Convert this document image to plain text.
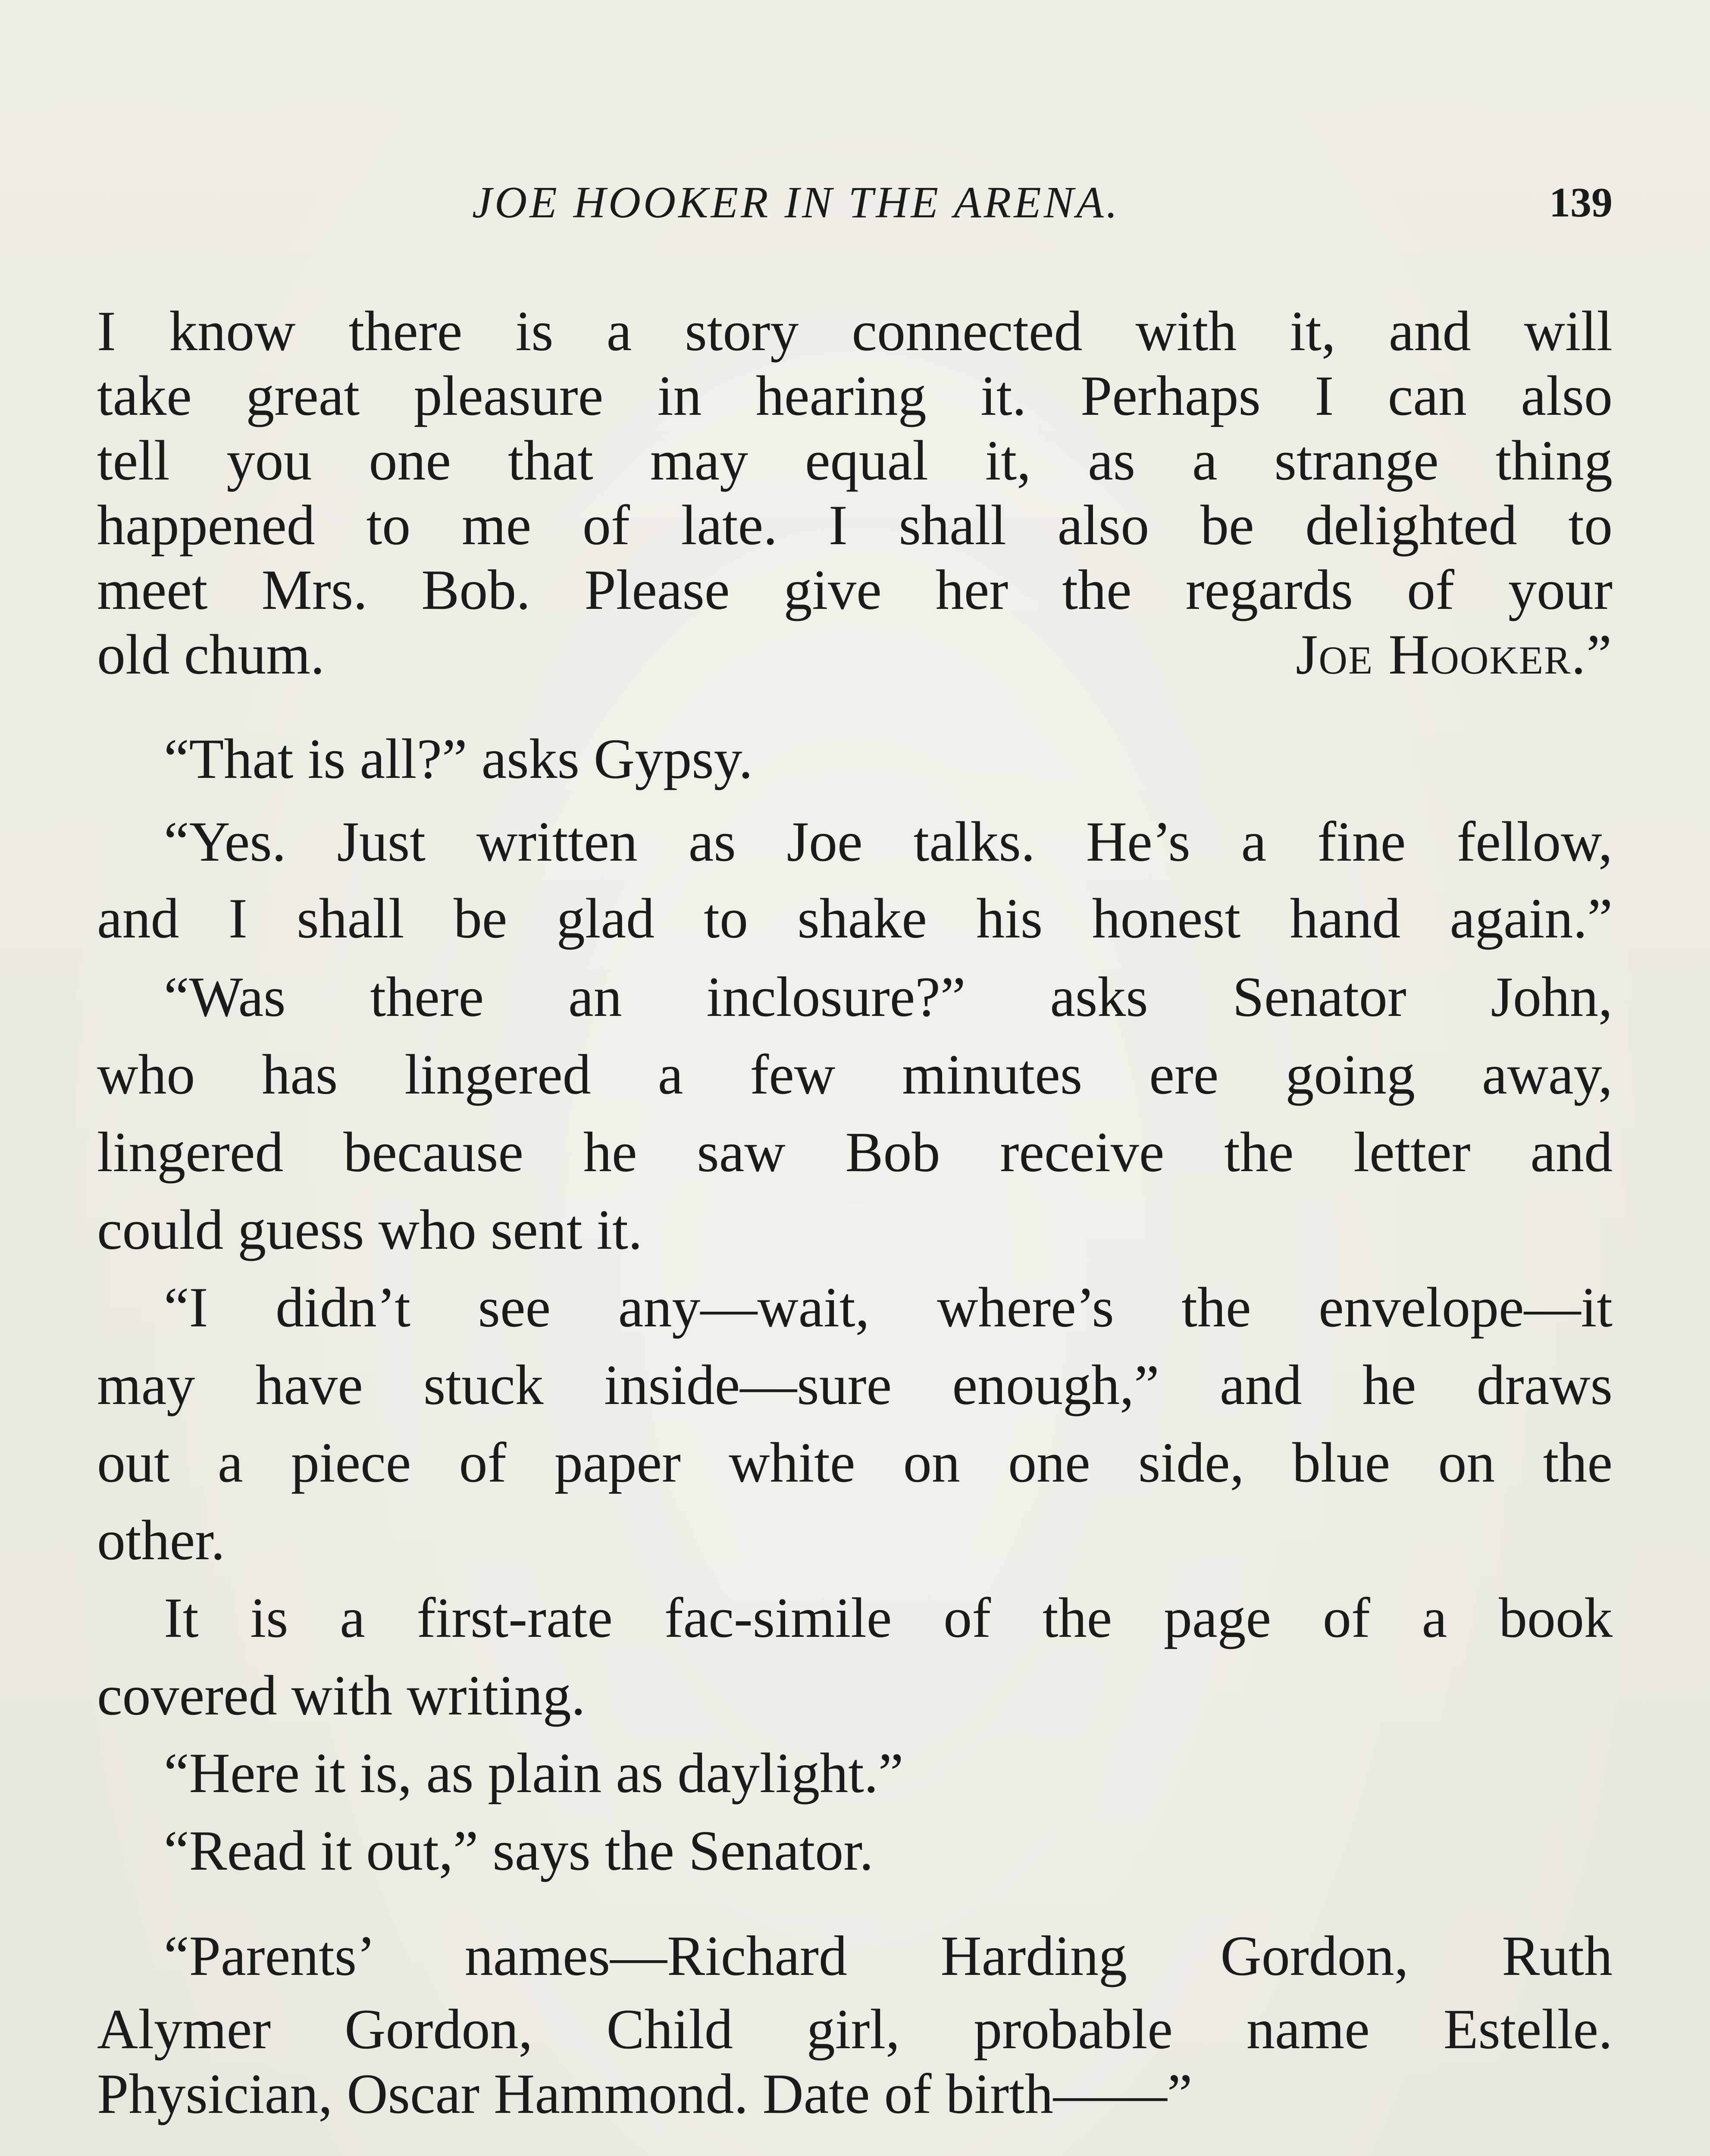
JOE HOOKER IN THE ARENA.	139
I know there is a story connected with it, and will
take great pleasure in hearing it. Perhaps I can also
tell you one that may equal it, as a strange thing
happened to me of late. I shall also be delighted to
meet Mrs. Bob. Please give her the regards of your
old chum.	Joe Hooker.”
“That is all?” asks Gypsy.
“Yes. Just written as Joe talks. He’s a fine fellow,
and I shall be glad to shake his honest hand again.”
“Was there an inclosure?” asks Senator John,
who has lingered a few minutes ere going away,
lingered because he saw Bob receive the letter and
could guess who sent it.
“I didn’t see any—wait, where’s the envelope—it
may have stuck inside—sure enough,” and he draws
out a piece of paper white on one side, blue on the
other.
It is a first-rate fac-simile of the page of a book
covered with writing.
“Here it is, as plain as daylight.”
“Read it out,” says the Senator.
“Parents’ names—Richard Harding Gordon, Ruth
Alymer Gordon, Child girl, probable name Estelle.
Physician, Oscar Hammond. Date of birth——”
